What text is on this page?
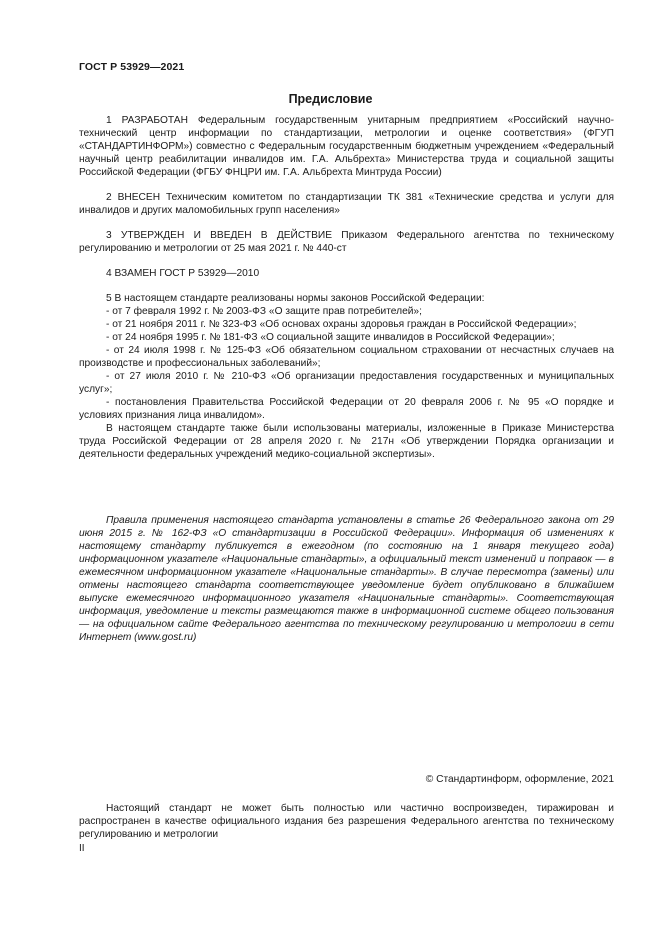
ГОСТ Р 53929—2021
Предисловие

1 РАЗРАБОТАН Федеральным государственным унитарным предприятием «Российский научно-технический центр информации по стандартизации, метрологии и оценке соответствия» (ФГУП «СТАНДАРТИНФОРМ») совместно с Федеральным государственным бюджетным учреждением «Федеральный научный центр реабилитации инвалидов им. Г.А. Альбрехта» Министерства труда и социальной защиты Российской Федерации (ФГБУ ФНЦРИ им. Г.А. Альбрехта Минтруда России)

2 ВНЕСЕН Техническим комитетом по стандартизации ТК 381 «Технические средства и услуги для инвалидов и других маломобильных групп населения»

3 УТВЕРЖДЕН И ВВЕДЕН В ДЕЙСТВИЕ Приказом Федерального агентства по техническому регулированию и метрологии от 25 мая 2021 г. № 440-ст

4 ВЗАМЕН ГОСТ Р 53929—2010

5 В настоящем стандарте реализованы нормы законов Российской Федерации:

- от 7 февраля 1992 г. № 2003-ФЗ «О защите прав потребителей»;

- от 21 ноября 2011 г. № 323-ФЗ «Об основах охраны здоровья граждан в Российской Федерации»;

- от 24 ноября 1995 г. № 181-ФЗ «О социальной защите инвалидов в Российской Федерации»;

- от 24 июля 1998 г. № 125-ФЗ «Об обязательном социальном страховании от несчастных случаев на производстве и профессиональных заболеваний»;

- от 27 июля 2010 г. № 210-ФЗ «Об организации предоставления государственных и муниципальных услуг»;

- постановления Правительства Российской Федерации от 20 февраля 2006 г. № 95 «О порядке и условиях признания лица инвалидом».

В настоящем стандарте также были использованы материалы, изложенные в Приказе Министерства труда Российской Федерации от 28 апреля 2020 г. № 217н «Об утверждении Порядка организации и деятельности федеральных учреждений медико-социальной экспертизы».

Правила применения настоящего стандарта установлены в статье 26 Федерального закона от 29 июня 2015 г. № 162-ФЗ «О стандартизации в Российской Федерации». Информация об изменениях к настоящему стандарту публикуется в ежегодном (по состоянию на 1 января текущего года) информационном указателе «Национальные стандарты», а официальный текст изменений и поправок — в ежемесячном информационном указателе «Национальные стандарты». В случае пересмотра (замены) или отмены настоящего стандарта соответствующее уведомление будет опубликовано в ближайшем выпуске ежемесячного информационного указателя «Национальные стандарты». Соответствующая информация, уведомление и тексты размещаются также в информационной системе общего пользования — на официальном сайте Федерального агентства по техническому регулированию и метрологии в сети Интернет (www.gost.ru)

© Стандартинформ, оформление, 2021

Настоящий стандарт не может быть полностью или частично воспроизведен, тиражирован и распространен в качестве официального издания без разрешения Федерального агентства по техническому регулированию и метрологии

II
